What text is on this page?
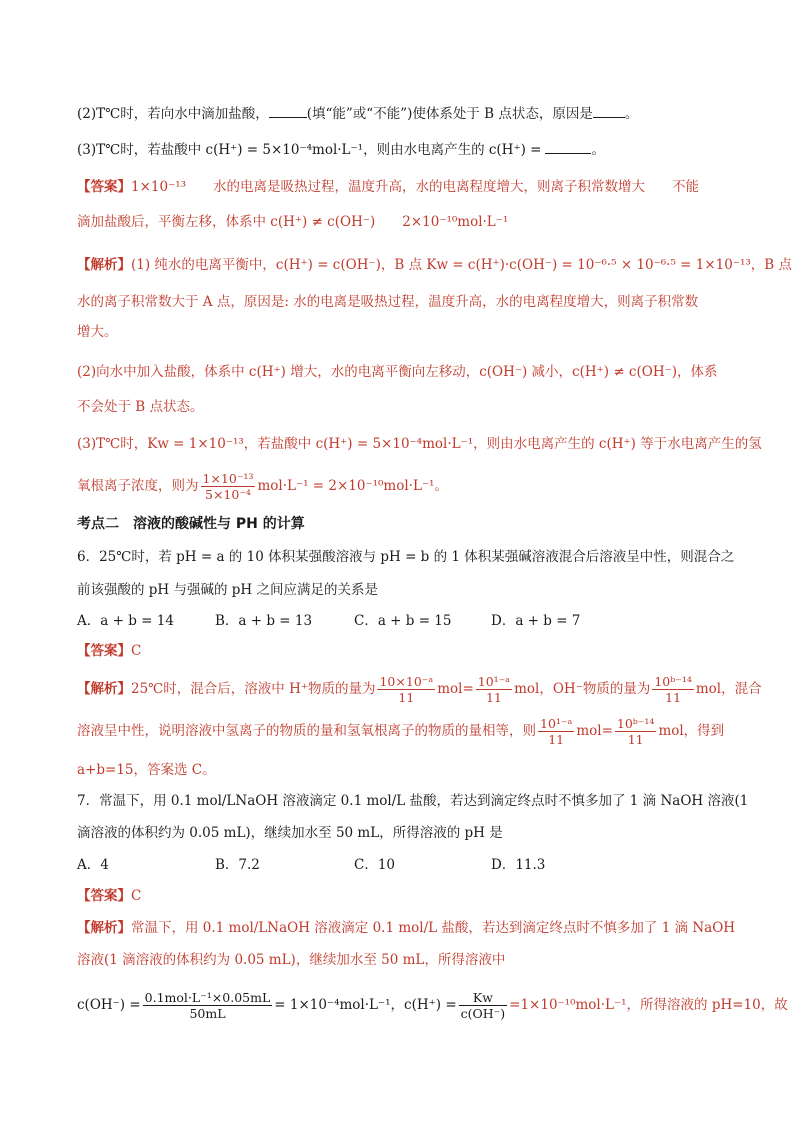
(2)T℃时，若向水中滴加盐酸，	(填“能”或“不能”)使体系处于 B 点状态，原因是 。
(3)T℃时，若盐酸中 c(H⁺) = 5×10⁻⁴mol·L⁻¹，则由水电离产生的 c(H⁺) =	。
【答案】1×10⁻¹³　　水的电离是吸热过程，温度升高，水的电离程度增大，则离子积常数增大　　不能
滴加盐酸后，平衡左移，体系中 c(H⁺) ≠ c(OH⁻)　　2×10⁻¹⁰mol·L⁻¹
【解析】(1) 纯水的电离平衡中，c(H⁺) = c(OH⁻)，B 点 Kw = c(H⁺)·c(OH⁻) = 10⁻⁶·⁵ × 10⁻⁶·⁵ = 1×10⁻¹³，B 点
水的离子积常数大于 A 点，原因是: 水的电离是吸热过程，温度升高，水的电离程度增大，则离子积常数
增大。
(2)向水中加入盐酸，体系中 c(H⁺) 增大，水的电离平衡向左移动，c(OH⁻) 减小，c(H⁺) ≠ c(OH⁻)，体系
不会处于 B 点状态。
(3)T℃时，Kw = 1×10⁻¹³，若盐酸中 c(H⁺) = 5×10⁻⁴mol·L⁻¹，则由水电离产生的 c(H⁺) 等于水电离产生的氢
氧根离子浓度，则为 $\frac{\text{1×10⁻¹³}}{\text{5×10⁻⁴}} mol\cdot L^{-1} = 2\times 10^{-10}mol\cdot L^{-1}$。
考点二　溶液的酸碱性与 PH 的计算
6．25℃时，若 pH = a 的 10 体积某强酸溶液与 pH = b 的 1 体积某强碱溶液混合后溶液呈中性，则混合之
前该强酸的 pH 与强碱的 pH 之间应满足的关系是
A．a + b = 14	B．a + b = 13	C．a + b = 15	D．a + b = 7
【答案】C
【解析】25℃时，混合后，溶液中 H⁺物质的量为 $\frac{\text{10×10⁻ᵃ}}{11} mol= \frac{\text{10¹⁻ᵃ}}{11}$ mol，OH⁻物质的量为 $\frac{\text{10ᵇ⁻¹⁴}}{11}$ mol，混合
溶液呈中性，说明溶液中氢离子的物质的量和氢氧根离子的物质的量相等，则 $\frac{\text{10¹⁻ᵃ}}{11} mol= \frac{\text{10ᵇ⁻¹⁴}}{11}$ mol，得到
a+b=15，答案选 C。
7．常温下，用 0.1 mol/LNaOH 溶液滴定 0.1 mol/L 盐酸，若达到滴定终点时不慎多加了 1 滴 NaOH 溶液(1
滴溶液的体积约为 0.05 mL)，继续加水至 50 mL，所得溶液的 pH 是
A．4	B．7.2	C．10	D．11.3
【答案】C
【解析】常温下，用 0.1 mol/LNaOH 溶液滴定 0.1 mol/L 盐酸，若达到滴定终点时不慎多加了 1 滴 NaOH
溶液(1 滴溶液的体积约为 0.05 mL)，继续加水至 50 mL，所得溶液中
$c(OH^-) = \frac{\text{0.1mol·L⁻¹×0.05mL}}{50mL} = 1\times 10^{-4}mol\cdot L^{-1}$，$c(H^+) = \frac{Kw}{c(OH^-)} =1\times 10^{-10}mol\cdot L^{-1}$，所得溶液的 pH=10，故
